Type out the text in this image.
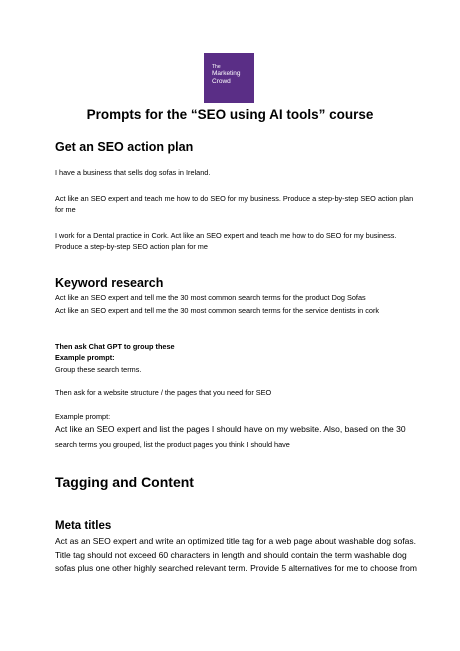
The
Marketing
Crowd
Prompts for the “SEO using AI tools” course
Get an SEO action plan
I have a business that sells dog sofas in Ireland.
Act like an SEO expert and teach me how to do SEO for my business. Produce a step-by-step SEO action plan for me
I work for a Dental practice in Cork. Act like an SEO expert and teach me how to do SEO for my business. Produce a step-by-step SEO action plan for me
Keyword research
Act like an SEO expert and tell me the 30 most common search terms for the product Dog Sofas
Act like an SEO expert and tell me the 30 most common search terms for the service dentists in cork
Then ask Chat GPT to group these
Example prompt:
Group these search terms.
Then ask for a website structure / the pages that you need for SEO
Example prompt:
Act like an SEO expert and list the pages I should have on my website. Also, based on the 30
search terms you grouped, list the product pages you think I should have
Tagging and Content
Meta titles
Act as an SEO expert and write an optimized title tag for a web page about washable dog sofas. Title tag should not exceed 60 characters in length and should contain the term washable dog sofas plus one other highly searched relevant term. Provide 5 alternatives for me to choose from
